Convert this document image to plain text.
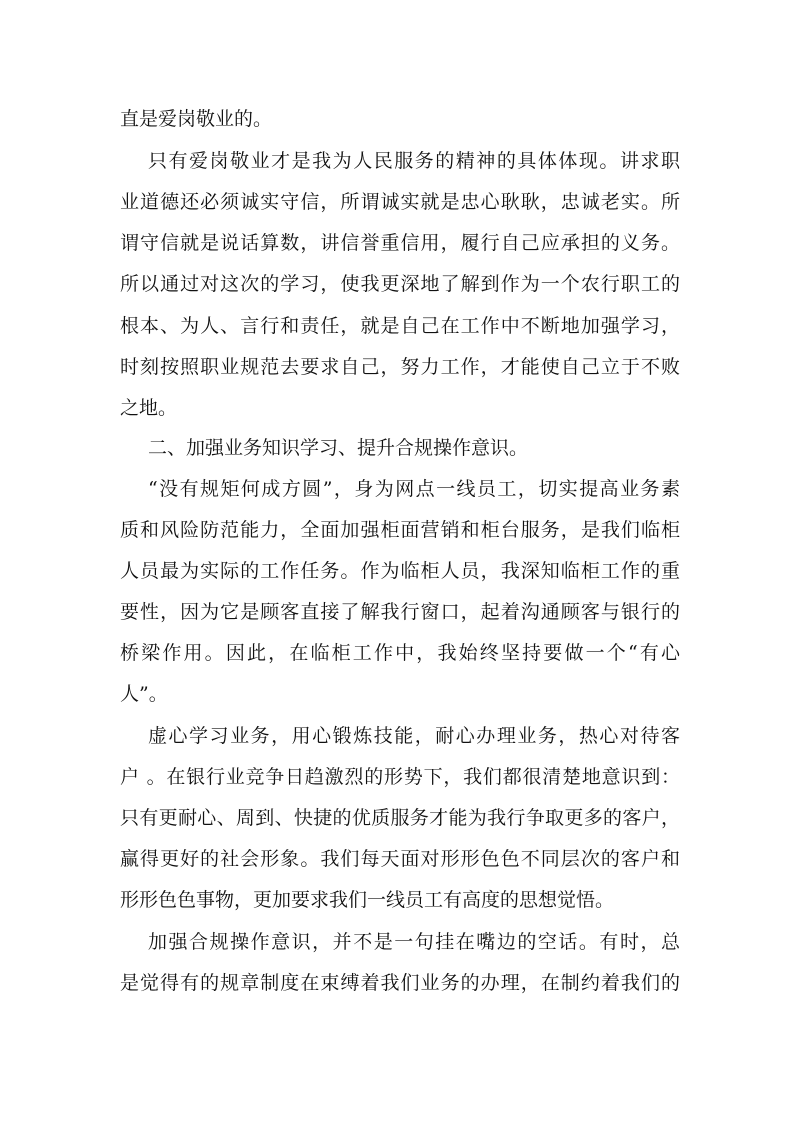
直是爱岗敬业的。
只有爱岗敬业才是我为人民服务的精神的具体体现。讲求职
业道德还必须诚实守信，所谓诚实就是忠心耿耿，忠诚老实。所
谓守信就是说话算数，讲信誉重信用，履行自己应承担的义务。
所以通过对这次的学习，使我更深地了解到作为一个农行职工的
根本、为人、言行和责任，就是自己在工作中不断地加强学习，
时刻按照职业规范去要求自己，努力工作，才能使自己立于不败
之地。
二、加强业务知识学习、提升合规操作意识。
“没有规矩何成方圆”，身为网点一线员工，切实提高业务素
质和风险防范能力，全面加强柜面营销和柜台服务，是我们临柜
人员最为实际的工作任务。作为临柜人员，我深知临柜工作的重
要性，因为它是顾客直接了解我行窗口，起着沟通顾客与银行的
桥梁作用。因此，在临柜工作中，我始终坚持要做一个“有心
人”。
虚心学习业务，用心锻炼技能，耐心办理业务，热心对待客
户 。在银行业竞争日趋激烈的形势下，我们都很清楚地意识到：
只有更耐心、周到、快捷的优质服务才能为我行争取更多的客户，
赢得更好的社会形象。我们每天面对形形色色不同层次的客户和
形形色色事物，更加要求我们一线员工有高度的思想觉悟。
加强合规操作意识，并不是一句挂在嘴边的空话。有时，总
是觉得有的规章制度在束缚着我们业务的办理，在制约着我们的
